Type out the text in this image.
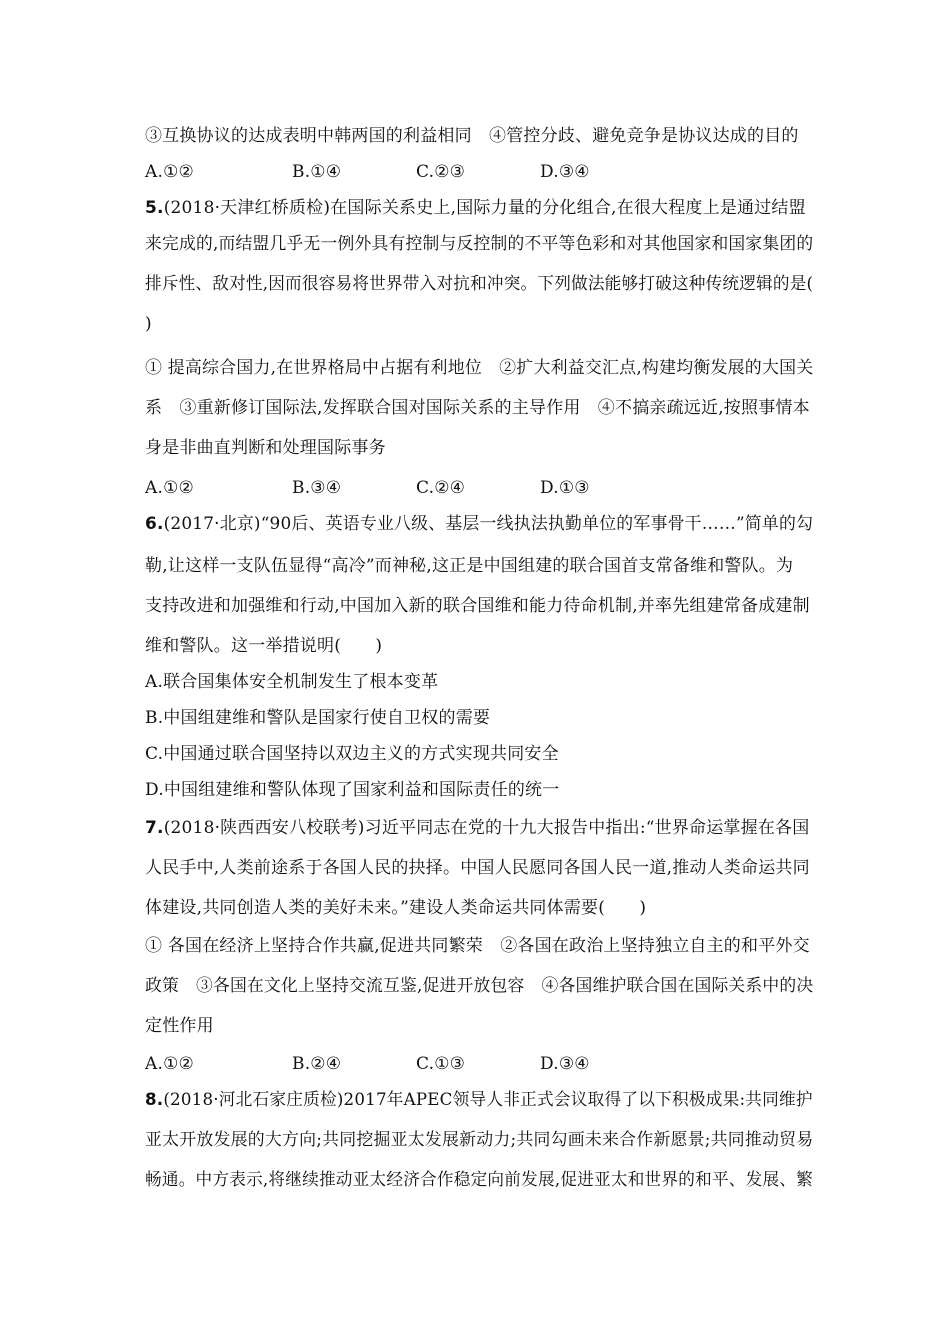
③互换协议的达成表明中韩两国的利益相同　④管控分歧、避免竞争是协议达成的目的
A.①②	B.①④	C.②③	D.③④
5.(2018·天津红桥质检)在国际关系史上,国际力量的分化组合,在很大程度上是通过结盟
来完成的,而结盟几乎无一例外具有控制与反控制的不平等色彩和对其他国家和国家集团的
排斥性、敌对性,因而很容易将世界带入对抗和冲突。下列做法能够打破这种传统逻辑的是(
)
① 提高综合国力,在世界格局中占据有利地位　②扩大利益交汇点,构建均衡发展的大国关
系　③重新修订国际法,发挥联合国对国际关系的主导作用　④不搞亲疏远近,按照事情本
身是非曲直判断和处理国际事务
A.①②	B.③④	C.②④	D.①③
6.(2017·北京)“90后、英语专业八级、基层一线执法执勤单位的军事骨干……”简单的勾
勒,让这样一支队伍显得“高冷”而神秘,这正是中国组建的联合国首支常备维和警队。为
支持改进和加强维和行动,中国加入新的联合国维和能力待命机制,并率先组建常备成建制
维和警队。这一举措说明(　　)
A.联合国集体安全机制发生了根本变革
B.中国组建维和警队是国家行使自卫权的需要
C.中国通过联合国坚持以双边主义的方式实现共同安全
D.中国组建维和警队体现了国家利益和国际责任的统一
7.(2018·陕西西安八校联考)习近平同志在党的十九大报告中指出:“世界命运掌握在各国
人民手中,人类前途系于各国人民的抉择。中国人民愿同各国人民一道,推动人类命运共同
体建设,共同创造人类的美好未来。”建设人类命运共同体需要(　　)
① 各国在经济上坚持合作共赢,促进共同繁荣　②各国在政治上坚持独立自主的和平外交
政策　③各国在文化上坚持交流互鉴,促进开放包容　④各国维护联合国在国际关系中的决
定性作用
A.①②	B.②④	C.①③	D.③④
8.(2018·河北石家庄质检)2017年APEC领导人非正式会议取得了以下积极成果:共同维护
亚太开放发展的大方向;共同挖掘亚太发展新动力;共同勾画未来合作新愿景;共同推动贸易
畅通。中方表示,将继续推动亚太经济合作稳定向前发展,促进亚太和世界的和平、发展、繁
